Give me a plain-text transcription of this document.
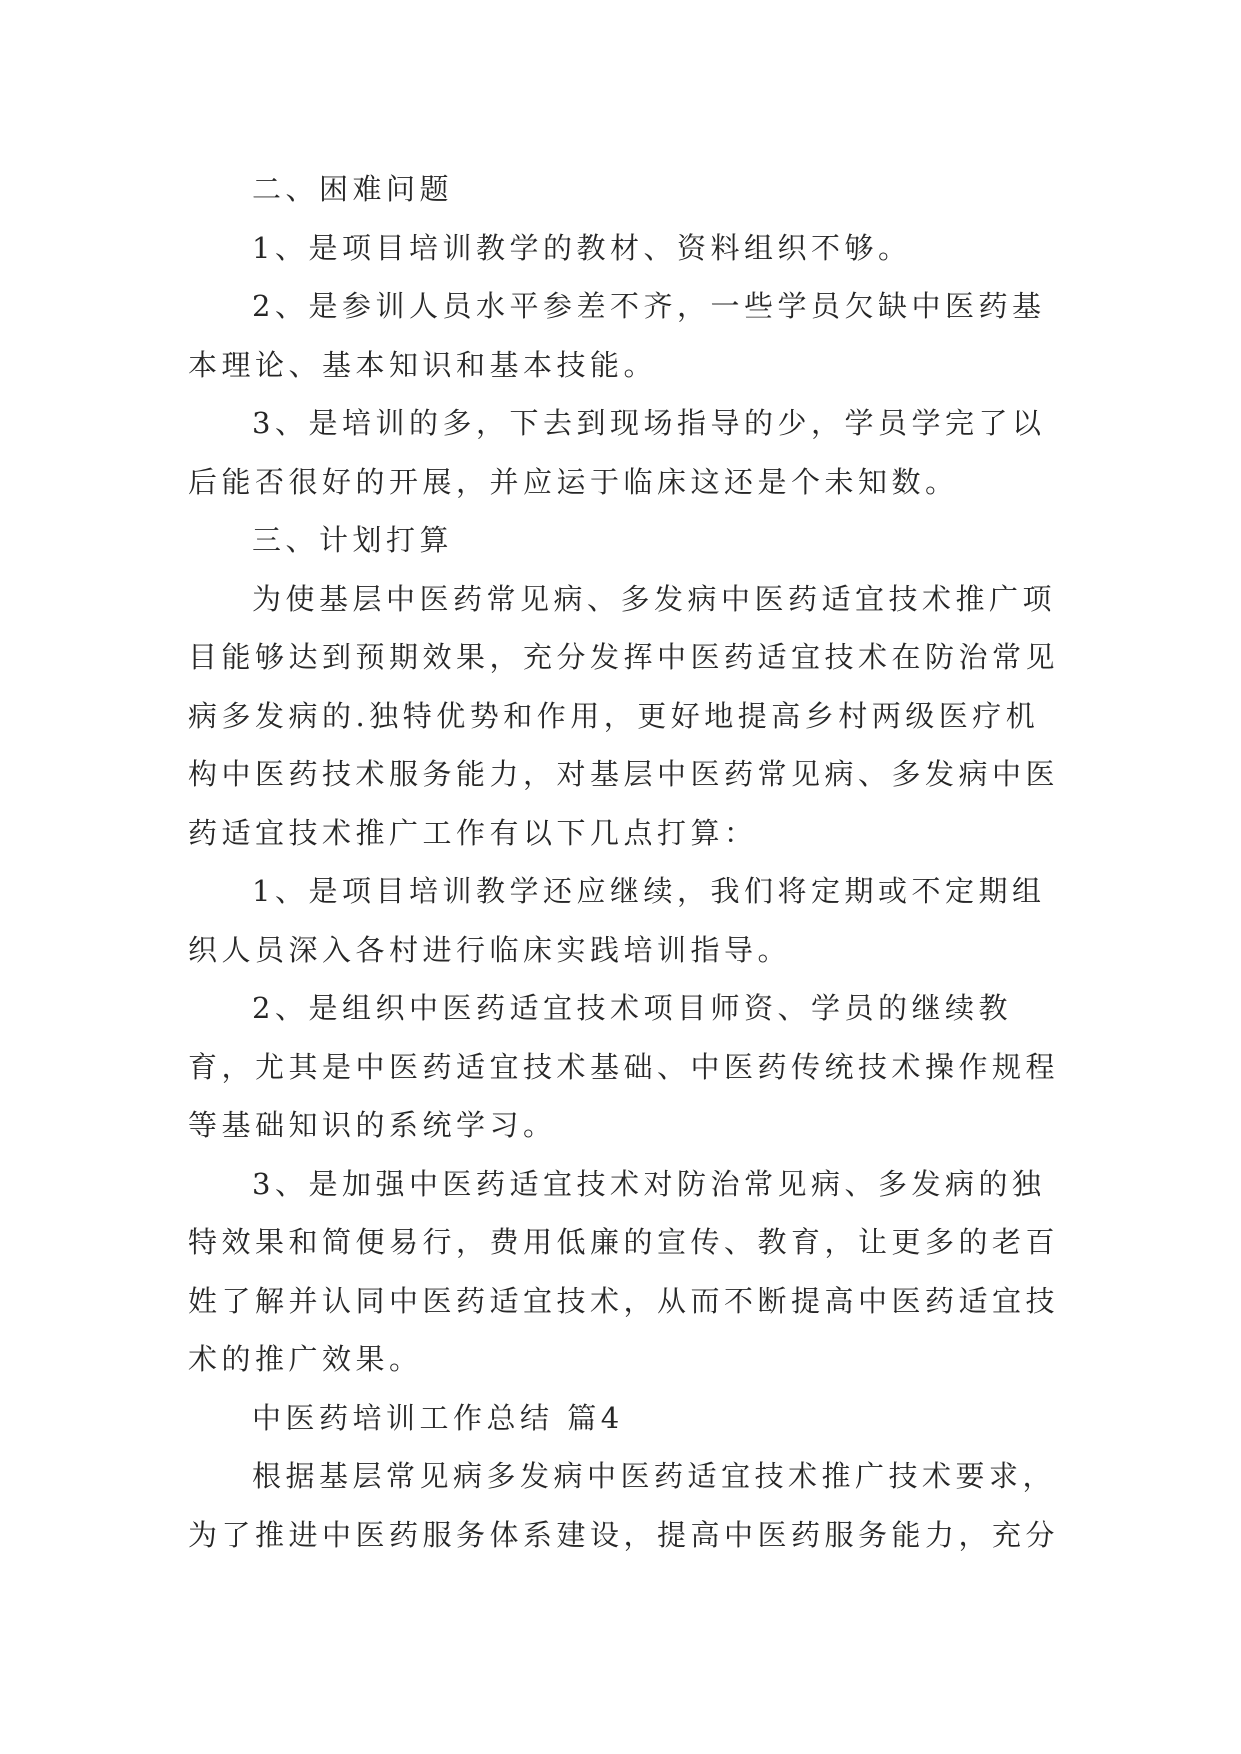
二、困难问题

1、是项目培训教学的教材、资料组织不够。

2、是参训人员水平参差不齐，一些学员欠缺中医药基本理论、基本知识和基本技能。

3、是培训的多，下去到现场指导的少，学员学完了以后能否很好的开展，并应运于临床这还是个未知数。

三、计划打算

为使基层中医药常见病、多发病中医药适宜技术推广项目能够达到预期效果，充分发挥中医药适宜技术在防治常见病多发病的.独特优势和作用，更好地提高乡村两级医疗机构中医药技术服务能力，对基层中医药常见病、多发病中医药适宜技术推广工作有以下几点打算：

1、是项目培训教学还应继续，我们将定期或不定期组织人员深入各村进行临床实践培训指导。

2、是组织中医药适宜技术项目师资、学员的继续教育，尤其是中医药适宜技术基础、中医药传统技术操作规程等基础知识的系统学习。

3、是加强中医药适宜技术对防治常见病、多发病的独特效果和简便易行，费用低廉的宣传、教育，让更多的老百姓了解并认同中医药适宜技术，从而不断提高中医药适宜技术的推广效果。

中医药培训工作总结 篇4

根据基层常见病多发病中医药适宜技术推广技术要求，为了推进中医药服务体系建设，提高中医药服务能力，充分
